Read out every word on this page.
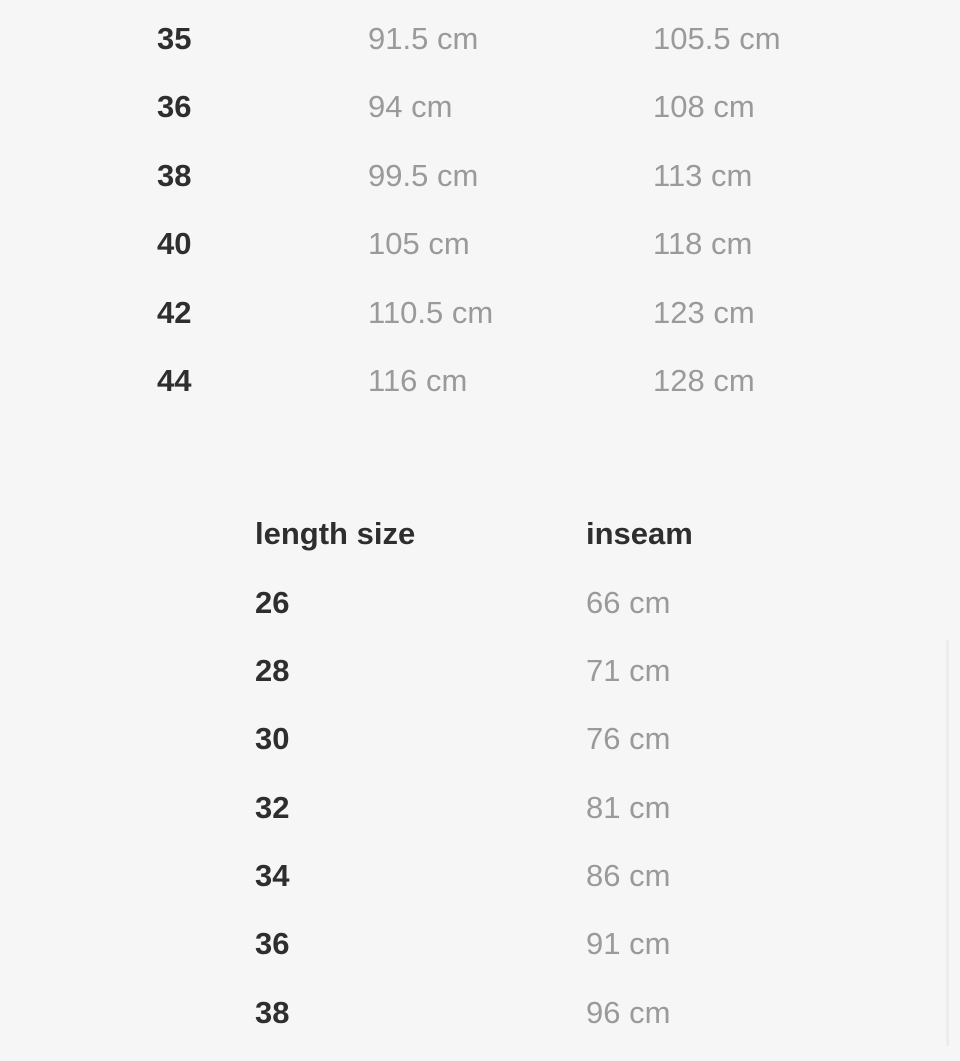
35	91.5 cm	105.5 cm
36	94 cm	108 cm
38	99.5 cm	113 cm
40	105 cm	118 cm
42	110.5 cm	123 cm
44	116 cm	128 cm
length size	inseam
26	66 cm
28	71 cm
30	76 cm
32	81 cm
34	86 cm
36	91 cm
38	96 cm
